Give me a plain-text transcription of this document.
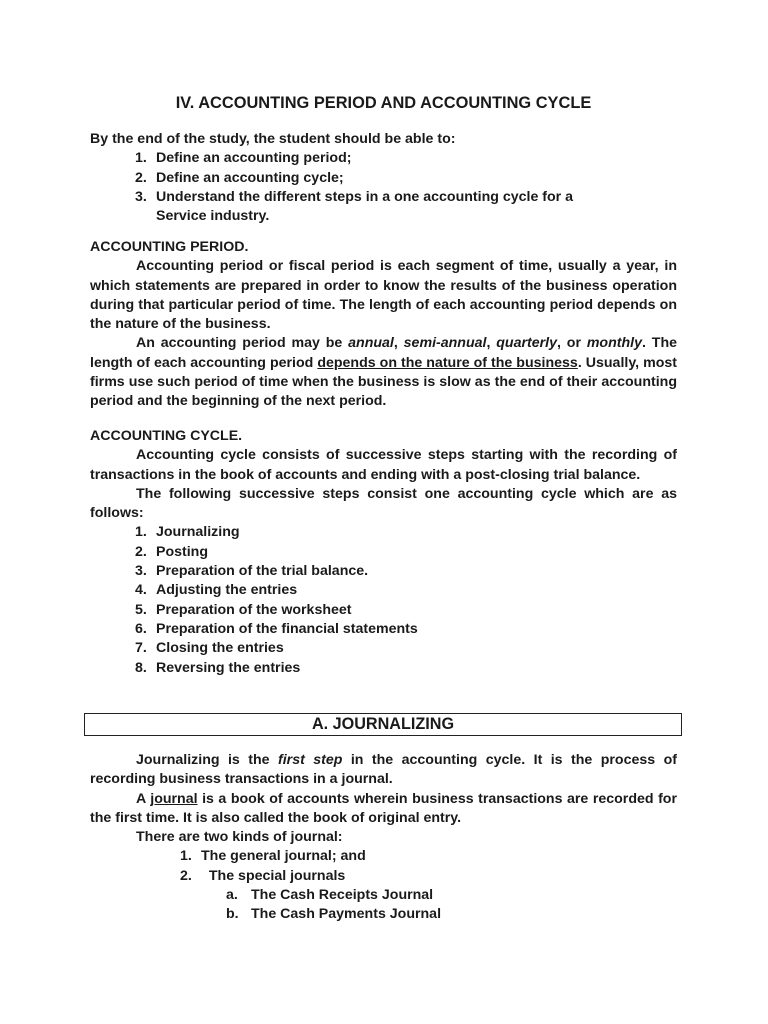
IV. ACCOUNTING PERIOD AND ACCOUNTING CYCLE

By the end of the study, the student should be able to:

1. Define an accounting period;
2. Define an accounting cycle;
3. Understand the different steps in a one accounting cycle for a
Service industry.

ACCOUNTING PERIOD.

Accounting period or fiscal period is each segment of time, usually a year, in which statements are prepared in order to know the results of the business operation during that particular period of time. The length of each accounting period depends on the nature of the business.

An accounting period may be annual, semi-annual, quarterly, or monthly. The length of each accounting period depends on the nature of the business. Usually, most firms use such period of time when the business is slow as the end of their accounting period and the beginning of the next period.

ACCOUNTING CYCLE.

Accounting cycle consists of successive steps starting with the recording of transactions in the book of accounts and ending with a post-closing trial balance.

The following successive steps consist one accounting cycle which are as follows:

1. Journalizing
2. Posting
3. Preparation of the trial balance.
4. Adjusting the entries
5. Preparation of the worksheet
6. Preparation of the financial statements
7. Closing the entries
8. Reversing the entries

Journalizing is the first step in the accounting cycle. It is the process of recording business transactions in a journal.

A journal is a book of accounts wherein business transactions are recorded for the first time. It is also called the book of original entry.

There are two kinds of journal:

1. The general journal; and
2. The special journals
a. The Cash Receipts Journal
b. The Cash Payments Journal
A. JOURNALIZING
